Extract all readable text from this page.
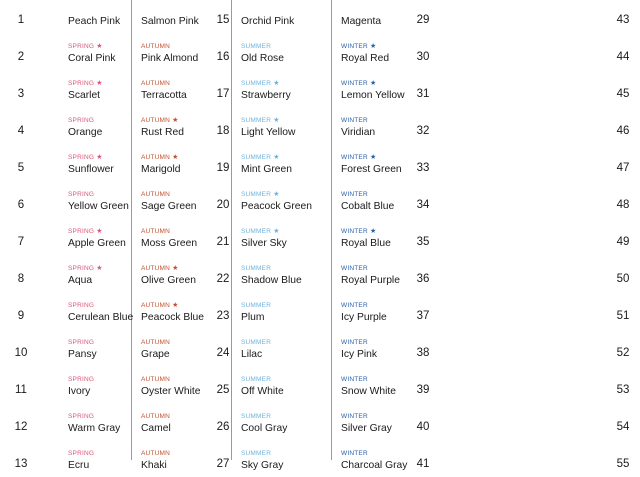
1	Peach Pink
2
SPRING ★
Coral Pink
3
SPRING ★
Scarlet
4
SPRING
Orange
5
SPRING ★
Sunflower
6
SPRING
Yellow Green
7
SPRING ★
Apple Green
8
SPRING ★
Aqua
9
SPRING
Cerulean Blue
10
SPRING
Pansy
11
SPRING
Ivory
12
SPRING
Warm Gray
13
SPRING
Ecru
15
Salmon Pink
16
AUTUMN
Pink Almond
17
AUTUMN
Terracotta
18
AUTUMN ★
Rust Red
19
AUTUMN ★
Marigold
20
AUTUMN
Sage Green
21
AUTUMN
Moss Green
22
AUTUMN ★
Olive Green
23
AUTUMN ★
Peacock Blue
24
AUTUMN
Grape
25
AUTUMN
Oyster White
26
AUTUMN
Camel
27
AUTUMN
Khaki
29
Orchid Pink
30
SUMMER
Old Rose
31
SUMMER ★
Strawberry
32
SUMMER ★
Light Yellow
33
SUMMER ★
Mint Green
34
SUMMER ★
Peacock Green
35
SUMMER ★
Silver Sky
36
SUMMER
Shadow Blue
37
SUMMER
Plum
38
SUMMER
Lilac
39
SUMMER
Off White
40
SUMMER
Cool Gray
41
SUMMER
Sky Gray
43
Magenta
44
WINTER ★
Royal Red
45
WINTER ★
Lemon Yellow
46
WINTER
Viridian
47
WINTER ★
Forest Green
48
WINTER
Cobalt Blue
49
WINTER ★
Royal Blue
50
WINTER
Royal Purple
51
WINTER
Icy Purple
52
WINTER
Icy Pink
53
WINTER
Snow White
54
WINTER
Silver Gray
55
WINTER
Charcoal Gray
